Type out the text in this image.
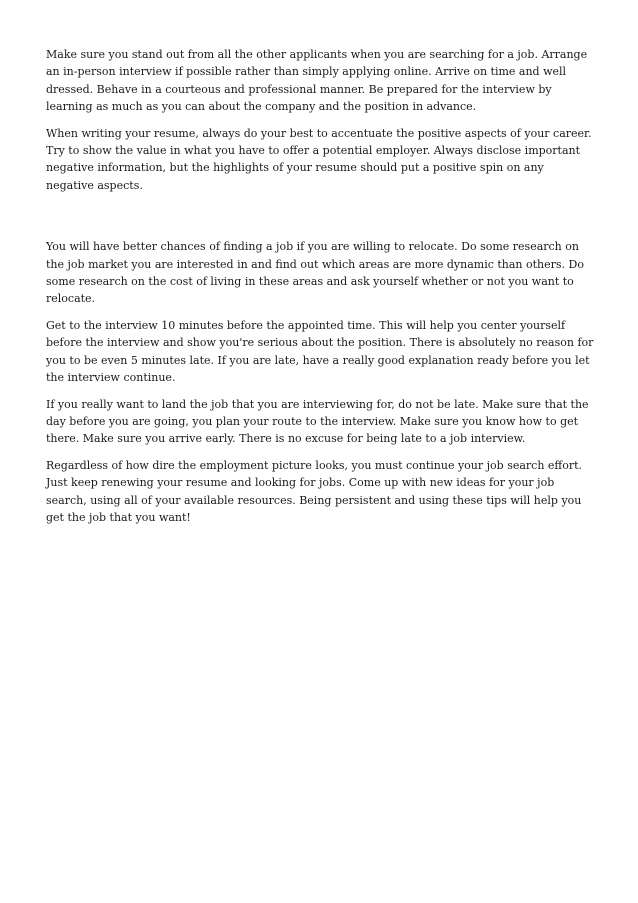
Make sure you stand out from all the other applicants when you are searching for a job. Arrange an in-person interview if possible rather than simply applying online. Arrive on time and well dressed. Behave in a courteous and professional manner. Be prepared for the interview by learning as much as you can about the company and the position in advance.

When writing your resume, always do your best to accentuate the positive aspects of your career. Try to show the value in what you have to offer a potential employer. Always disclose important negative information, but the highlights of your resume should put a positive spin on any negative aspects.

You will have better chances of finding a job if you are willing to relocate. Do some research on the job market you are interested in and find out which areas are more dynamic than others. Do some research on the cost of living in these areas and ask yourself whether or not you want to relocate.

Get to the interview 10 minutes before the appointed time. This will help you center yourself before the interview and show you're serious about the position. There is absolutely no reason for you to be even 5 minutes late. If you are late, have a really good explanation ready before you let the interview continue.

If you really want to land the job that you are interviewing for, do not be late. Make sure that the day before you are going, you plan your route to the interview. Make sure you know how to get there. Make sure you arrive early. There is no excuse for being late to a job interview.

Regardless of how dire the employment picture looks, you must continue your job search effort. Just keep renewing your resume and looking for jobs. Come up with new ideas for your job search, using all of your available resources. Being persistent and using these tips will help you get the job that you want!
